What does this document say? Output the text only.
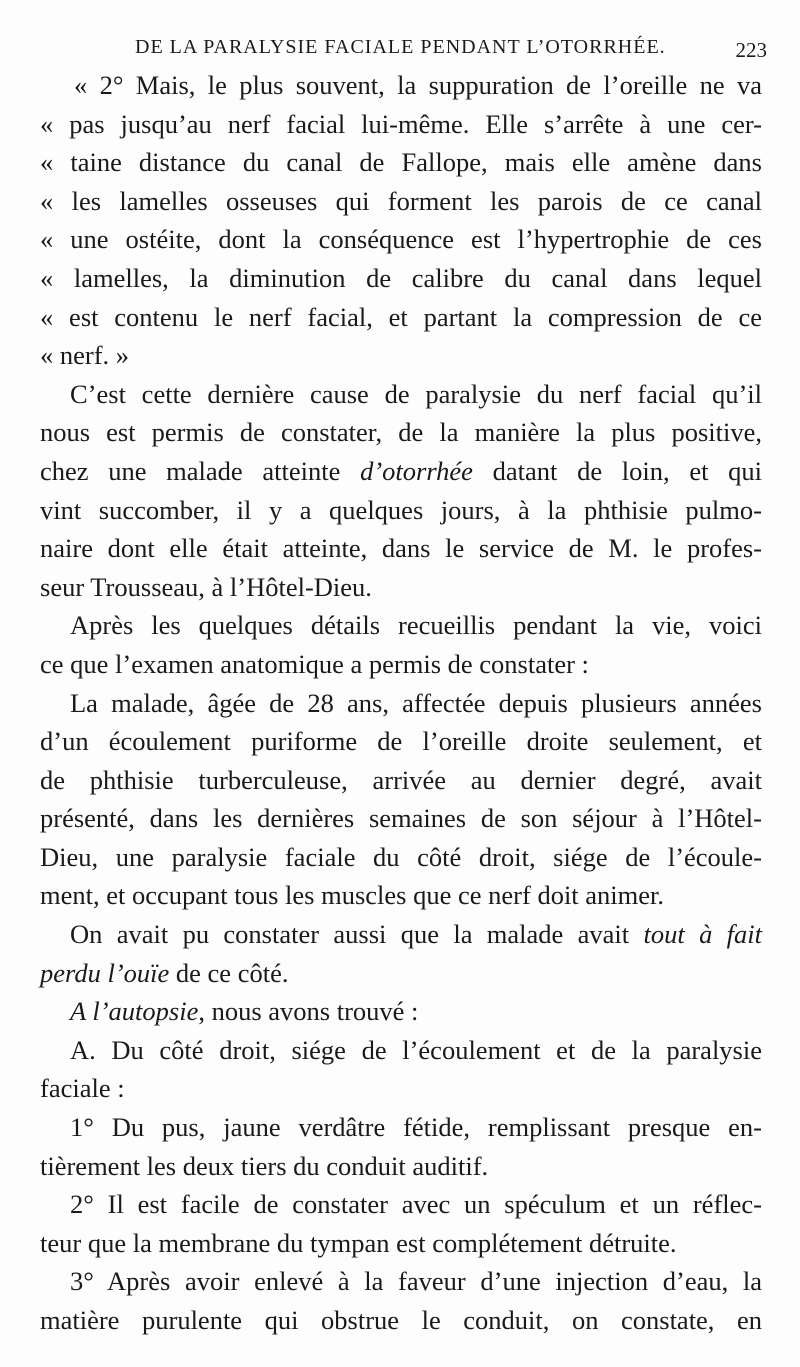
DE LA PARALYSIE FACIALE PENDANT L’OTORRHÉE.	223
« 2° Mais, le plus souvent, la suppuration de l’oreille ne va
« pas jusqu’au nerf facial lui-même. Elle s’arrête à une cer-
« taine distance du canal de Fallope, mais elle amène dans
« les lamelles osseuses qui forment les parois de ce canal
« une ostéite, dont la conséquence est l’hypertrophie de ces
« lamelles, la diminution de calibre du canal dans lequel
« est contenu le nerf facial, et partant la compression de ce
« nerf. »
C’est cette dernière cause de paralysie du nerf facial qu’il
nous est permis de constater, de la manière la plus positive,
chez une malade atteinte d’otorrhée datant de loin, et qui
vint succomber, il y a quelques jours, à la phthisie pulmo-
naire dont elle était atteinte, dans le service de M. le profes-
seur Trousseau, à l’Hôtel-Dieu.
Après les quelques détails recueillis pendant la vie, voici
ce que l’examen anatomique a permis de constater :
La malade, âgée de 28 ans, affectée depuis plusieurs années
d’un écoulement puriforme de l’oreille droite seulement, et
de phthisie turberculeuse, arrivée au dernier degré, avait
présenté, dans les dernières semaines de son séjour à l’Hôtel-
Dieu, une paralysie faciale du côté droit, siége de l’écoule-
ment, et occupant tous les muscles que ce nerf doit animer.
On avait pu constater aussi que la malade avait tout à fait
perdu l’ouïe de ce côté.
A l’autopsie, nous avons trouvé :
A. Du côté droit, siége de l’écoulement et de la paralysie
faciale :
1° Du pus, jaune verdâtre fétide, remplissant presque en-
tièrement les deux tiers du conduit auditif.
2° Il est facile de constater avec un spéculum et un réflec-
teur que la membrane du tympan est complétement détruite.
3° Après avoir enlevé à la faveur d’une injection d’eau, la
matière purulente qui obstrue le conduit, on constate, en
